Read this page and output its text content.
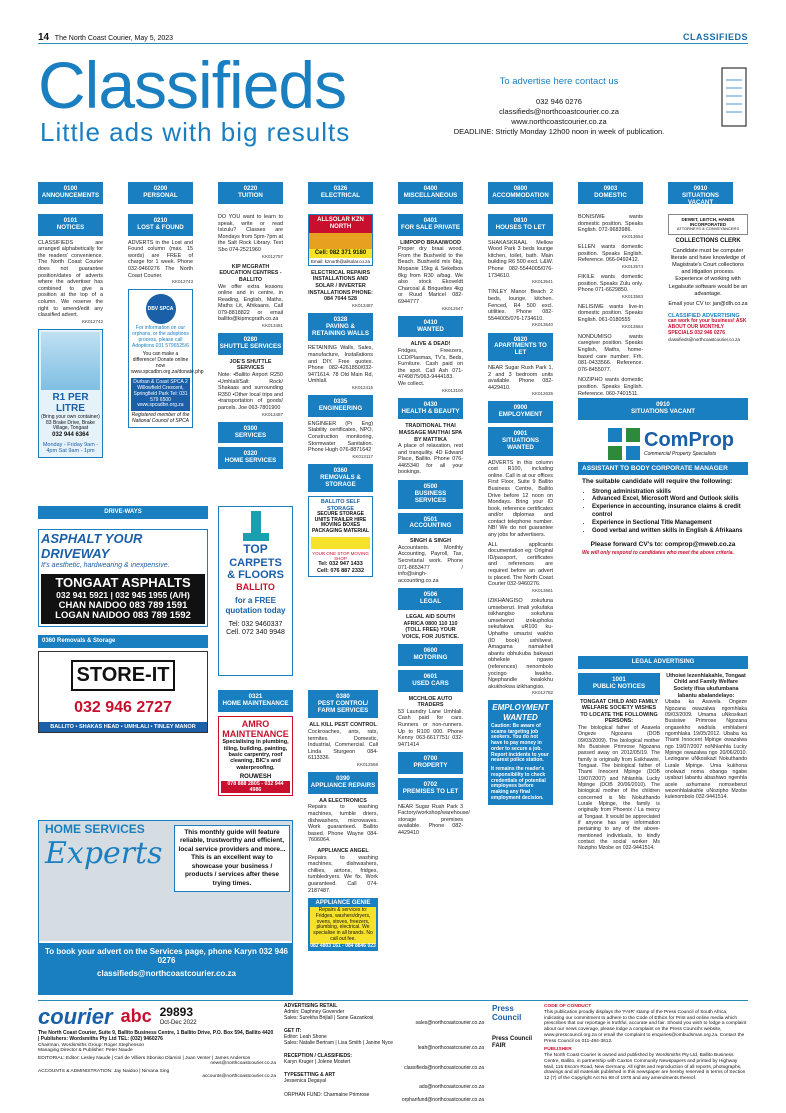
14 The North Coast Courier, May 5, 2023	CLASSIFIEDS
Classifieds
Little ads with big results
To advertise here contact us
032 946 0276
classifieds@northcoastcourier.co.za
www.northcoastcourier.co.za
DEADLINE: Strictly Monday 12h00 noon in week of publication.
0100
ANNOUNCEMENTS
0200
PERSONAL
0220
TUITION
0326
ELECTRICAL
0400
MISCELLANEOUS
0800
ACCOMMODATION
0903
DOMESTIC
0910
SITUATIONS VACANT
0101
NOTICES
CLASSIFIEDS are arranged alphabetically for the readers' convenience. The North Coast Courier does not guarantee position/dates of adverts where the advertiser has combined to give a position at the top of a column. We reserve the right to amend/edit any classified advert.
KK012742
R1 PER LITRE
(Bring your own container)
83 Brake Drive, Brake Village, Tongaat
032 944 6364
Monday - Friday 9am - 4pm Sat 9am - 1pm
0210
LOST & FOUND
ADVERTS in the Lost and Found column (max. 15 words) are FREE of charge for 1 week. Phone 032-9460276 The North Coast Courier.
KK012743
DBV SPCA
For information on our orphans, or the adoptions process, please call Adoptions 031 5796525/6
You can make a difference! Donate online now www.spcadbn.org.za/donate.php
Durban & Coast SPCA 2 Willowfield Crescent, Springfield Park Tel: 031 579 6500 www.spcadbn.org.za
Registered member of the National Council of SPCA
DO YOU want to learn to speak, write or read Isizulu? Classes are Mondays from 5pm-7pm at the Salt Rock Library. Text Sbo 074-2521960
KK012757
KIP MCGRATH EDUCATION CENTRES - BALLITO
We offer extra lessons online and in centre, in Reading, English, Maths, Maths Lit, Afrikaans. Call 079-8818822 or email ballito@kipmcgrath.co.za
KK013481
0280
SHUTTLE SERVICES
JOE'S SHUTTLE SERVICES
Note: •Ballito Airport R250 •Umhlali/Salt Rock/ Shakaas and surrounding R350 •Other local trips and •transportation of goods/ parcels. Joe 063-7801900
KK013487
0300
SERVICES
0320
HOME SERVICES
ALLSOLAR KZN NORTH
Cell: 082 371 9180
Email: kznorth@allsolar.co.za
ELECTRICAL REPAIRS INSTALLATIONS AND SOLAR / INVERTER INSTALLATIONS PHONE: 084 7044 528
KK013487
0328
PAVING & RETAINING WALLS
RETAINING Walls, Sales, manufacture, Installations and DIY. Free quotes. Phone 082-4261850/032-9471614. 78 Old Main Rd, Umhlali.
KK012415
0335
ENGINEERING
ENGINEER (Pr Eng) Stability certificates, NPO, Construction monitoring, Stormwater Sanitation. Phone Hugh 076-8871642
KK013117
0360
REMOVALS & STORAGE
BALLITO SELF STORAGE
SECURE STORAGE UNITS TRAILER HIRE MOVING BOXES PACKAGING MATERIAL
YOUR ONE STOP MOVING SHOP
Tel: 032 947 1433
Cell: 076 887 2332
0401
FOR SALE PRIVATE
LIMPOPO BRAAIWOOD
Proper dry braai wood. From the Bushveld to the Beach. Bushveld mix 6kg, Mopanie 15kg & Sekelbos 8kg from R30 a/bag. We also stock Ekoveldt Charcoal & Briquettes 4kg or Ruud Maricel 082-6944777
KK012547
0410
WANTED
ALIVE & DEAD!
Fridges, Freezers, LCD/Plasmas, TV's, Beds, Furniture. Cash paid on the spot. Call Ash 071-4749875/063-9444183. We collect.
KK013100
0430
HEALTH & BEAUTY
TRADITIONAL THAI MASSAGE MAITHAI SPA BY MATTIKA
A place of relaxation, rest and tranquility. 4D Edward Place, Ballito. Phone 076-4465340 for all your bookings.
0500
BUSINESS SERVICES
0501
ACCOUNTING
SINGH & SINGH
Accountants. Monthly Accounting, Payroll, Tax, Secretarial work. Phone 071-8653477 / info@singh-accounting.co.za
0506
LEGAL
LEGAL AID SOUTH AFRICA 0800 110 110 (TOLL FREE) YOUR VOICE, FOR JUSTICE.
0600
MOTORING
0601
USED CARS
MCCHLOE AUTO TRADERS
53 Laundry Lane Umhlali. Cash paid for cars. Runners or non-runners. Up to R100 000. Phone Kenny 063-6617751/ 032-9471414
0700
PROPERTY
0702
PREMISES TO LET
NEAR Sugar Rush Park 3 Factory/workshop/warehouse/ storage premises available. Phone 082-4429410
0810
HOUSES TO LET
SHAKASKRAAL Mellow Wood Park 3 beds lounge kitchen, toilet, bath. Main building R6 500 excl. L&W. Phone 082-5544005/076-1734610.
KK013541
TINLEY Manor Beach 2 beds, lounge, kitchen. Fenced, R4 500 excl. utilities. Phone 082-5544005/076-1734610.
KK013540
0820
APARTMENTS TO LET
NEAR Sugar Rush Park 1, 2 and 3 bedroom units available. Phone 082-4429410.
KK012635
0900
EMPLOYMENT
0901
SITUATIONS WANTED
ADVERTS in this column cost R100, including online. Call in at our offices First Floor, Suite 9 Ballito Business Centre, Ballito Drive before 12 noon on Mondays. Bring your ID book, reference certificates and/or diplomas and contact telephone number. NB! We do not guarantee any jobs for advertisers.
ALL applicants documentation eg: Original ID/passport, certificates and references are required before an advert is placed. The North Coast Courier 032-9460276.
KK013681
IZIKHANGISO zokufuna umsebenzi. Imali yokufaka isikhangiso sokufuna umsebenzi izokuphoka sekufakwa uR100 ku-Uphathe umazisi wakho (ID book) uxhilwevi. Amagama namakheli abantu obhukuba bakwazi obhekele ngawo (references) nenombolo yocingo lwakho. Ngephandle kwalokhu akukhokwa izikhangiso.
KK012782
EMPLOYMENT WANTED
Caution: Be aware of scams targeting job seekers. You do not have to pay money in order to secure a job. Report incidents to your nearest police station.
It remains the reader's responsibility to check credentials of potential employees before making any final employment decision.
BONISIWE wants domestic position. Speaks English. 072-9683986.
KK013654
ELLEN wants domestic position. Speaks English. Reference. 066-0492412.
KK013574
FIKILE wants domestic position. Speaks Zulu only. Phone 071-6629850.
KK013583
NELISIWE wants live-in domestic position. Speaks English. 061-0180555
KK013584
NONDUMISO wants caregiver position. Speaks English, Maths, home-based care number. Frh. 081-0433566. Reference. 076-8455077.
NOZIPHO wants domestic position. Speaks English. Reference. 060-7401511.
DEWET, LEITCH, HANDS INCORPORATED
ATTORNEYS & CONVEYANCERS
COLLECTIONS CLERK
Candidate must be computer literate and have knowledge of Magistrate's Court collections and litigation process. Experience of working with Legalsuite software would be an advantage.
Email your CV to: jan@dlh.co.za
CLASSIFIED ADVERTISING
can work for your business! ASK ABOUT OUR MONTHLY SPECIALS 032 946 0276
classifieds@northcoastcourier.co.za
0910
SITUATIONS VACANT
ComProp
Commercial Property Specialists
ASSISTANT TO BODY CORPORATE MANAGER
The suitable candidate will require the following:
• Strong administration skills
• Advanced Excel, Microsoft Word and Outlook skills
• Experience in accounting, insurance claims & credit control
• Experience in Sectional Title Management
• Good verbal and written skills in English & Afrikaans
Please forward CV's to: comprop@mweb.co.za
We will only respond to candidates who meet the above criteria.
LEGAL ADVERTISING
1001
PUBLIC NOTICES
TONGAAT CHILD AND FAMILY WELFARE SOCIETY WISHES TO LOCATE THE FOLLOWING PERSONS:
The biological father of Asavela Ongeze Ngozana (DOB 09/03/2009). The biological mother Ms Busisiwe Primrose Ngozana passed away on 2012/05/19. The family is originally from Esikhawini, Tongaat. The biological father of Thami Innocent Mpinge (DOB 19/07/2007) and Nhlanhla Lucky Mpinge (DOB 20/06/2010). The biological mother of the children concerned is Ms Nokuthando Lurale Mpinge, the family is originally from Phoenix / La mercy at Tongaat. It would be appreciated if anyone has any information pertaining to any of the above-mentioned individuals, to kindly contact the social worker Ms Nozipho Mzobe on 032-9441514.
Uthoiwi lezenhlakahle, Tongaat Child and Family Welfare Society ifisa ukufumbana labantu abalandelayo:
Ubaba ka Asavela Ongeze Ngozana owazalwa ngomhlaka 09/03/2009. Umama uNkosikazi Busisiwe Primrose Ngozana ongasekho wadlula emhlabeni ngomhlaka 19/05/2012. Ubaba ka Thami Innocent Mpinge owazalwa ngo 19/07/2007 noNhlanhla Lucky Mpinge owazalwa ngo 20/06/2010. Lezingane uNkosikazi Nokuthando Lurale Mpinge. Uma kukhona onolwazi noma obanga ngabe uyabazi labantu abashiwo ngenhla acele axhumane nomsebenzi wezenhlalakahle uNozipho Mzobe kulenombolo 032-9441514.
DRIVE-WAYS
ASPHALT YOUR DRIVEWAY
It's aesthetic, hardwearing & inexpensive.
TONGAAT ASPHALTS
032 941 5921 | 032 945 1955 (A/H)
CHAN NAIDOO 083 789 1591
LOGAN NAIDOO 083 789 1592
0360 Removals & Storage
STORE-IT
032 946 2727
BALLITO • SHAKAS HEAD • UMHLALI • TINLEY MANOR
TOP
CARPETS
& FLOORS
BALLITO
for a FREE quotation today
Tel: 032 9460337
Cell. 072 340 9948
0321
HOME MAINTENANCE
AMRO MAINTENANCE
Specialising in plumbing, tiling, building, painting, basic carpentry, roof cleaning, BIC's and waterproofing.
ROUWESH
078 888 2805 - 032 944 4986
0380
PEST CONTROL/ FARM SERVICES
ALL KILL PEST CONTROL
Cockroaches, ants, rats, termites. Domestic, Industrial, Commercial. Call Linda Sturgeon 084-6113336.
KK012568
0390
APPLIANCE REPAIRS
AA ELECTRONICS
Repairs to washing machines, tumble driers, dishwashers, microwaves. Work guaranteed. Ballito based. Phone Wayne 084-7606064.
APPLIANCE ANGEL
Repairs to washing machines, dishwashers, chillies, airtons, fridges, tumbledryers. We fix. Work guaranteed. Call 074-2187487.
APPLIANCE GENIE
Repairs & services to: Fridges, washers/dryers, ovens, stoves, freezers, plumbing, electrical. We specialise in all brands. No call out fee.
082 4803 161 - 084 8846 023
HOME SERVICES
Experts
This monthly guide will feature reliable, trustworthy and efficient, local service providers and more... This is an excellent way to showcase your business / products / services after these trying times.
To book your advert on the Services page, phone Karyn 032 946 0276
classifieds@northcoastcourier.co.za
courier abc 29893
Oct-Dec 2022
The North Coast Courier, Suite 9, Ballito Business Centre, 1 Ballito Drive, P.O. Box 594, Ballito 4420 | Publishers: Wordsmiths Pty Ltd TEL: (032) 9460276
Chairman, Wordsmiths Group: Roger Stephenson
Managing Director & Publisher: Peter Naude
EDITORIAL: Editor: Lesley Naude | Carl de Villiers Sboniso Dlamini | Juan Venter | James Anderson
news@northcoastcourier.co.za
ACCOUNTS & ADMINISTRATION: Jay Naidoo | Nirvana Sing
accounts@northcoastcourier.co.za
ADVERTISING RETAIL
Admin: Daphney Govender
Sales: Surekha Brijlall | Sane Gazankosi
sales@northcoastcourier.co.za
GET IT:
Editor: Leah Shone
Sales: Natalie Bertram | Lisa Smith | Janine Nyce
leah@northcoastcourier.co.za
RECEPTION / CLASSIFIEDS:
Karyn Kruger | Jolene Mostert
classifieds@northcoastcourier.co.za
TYPESETTING & ART
Jessenica Degayal
ads@northcoastcourier.co.za
ORPHAN FUND: Charmaine Primrose
orphanfund@northcoastcourier.co.za
Press Council
Press Council FAIR
CODE OF CONDUCT
This publication proudly displays the 'FAIR' stamp of the Press Council of South Africa, indicating our commitment to adhere to the Code of Ethics for Print and online media which prescribes that our reportage is truthful, accurate and fair. Should you wish to lodge a complaint about our news coverage, please lodge a complaint on the Press Council's website, www.presscouncil.org.za or email the complaint to enquiries@ombudsman.org.za. Contact the Press Council on 011-484-3612.
PUBLISHER
The North Coast Courier is owned and published by Wordsmiths Pty Ltd, Ballito Business Centre, Ballito, in partnership with Caxton Community Newspapers and printed by Highway Mail, 115 Escom Road, New Germany. All rights and reproduction of all reports, photographs, drawings and all materials published in this newspaper are hereby reserved in terms of Section 12 (7) of the Copyright Act No 98 of 1978 and any amendments thereof.
